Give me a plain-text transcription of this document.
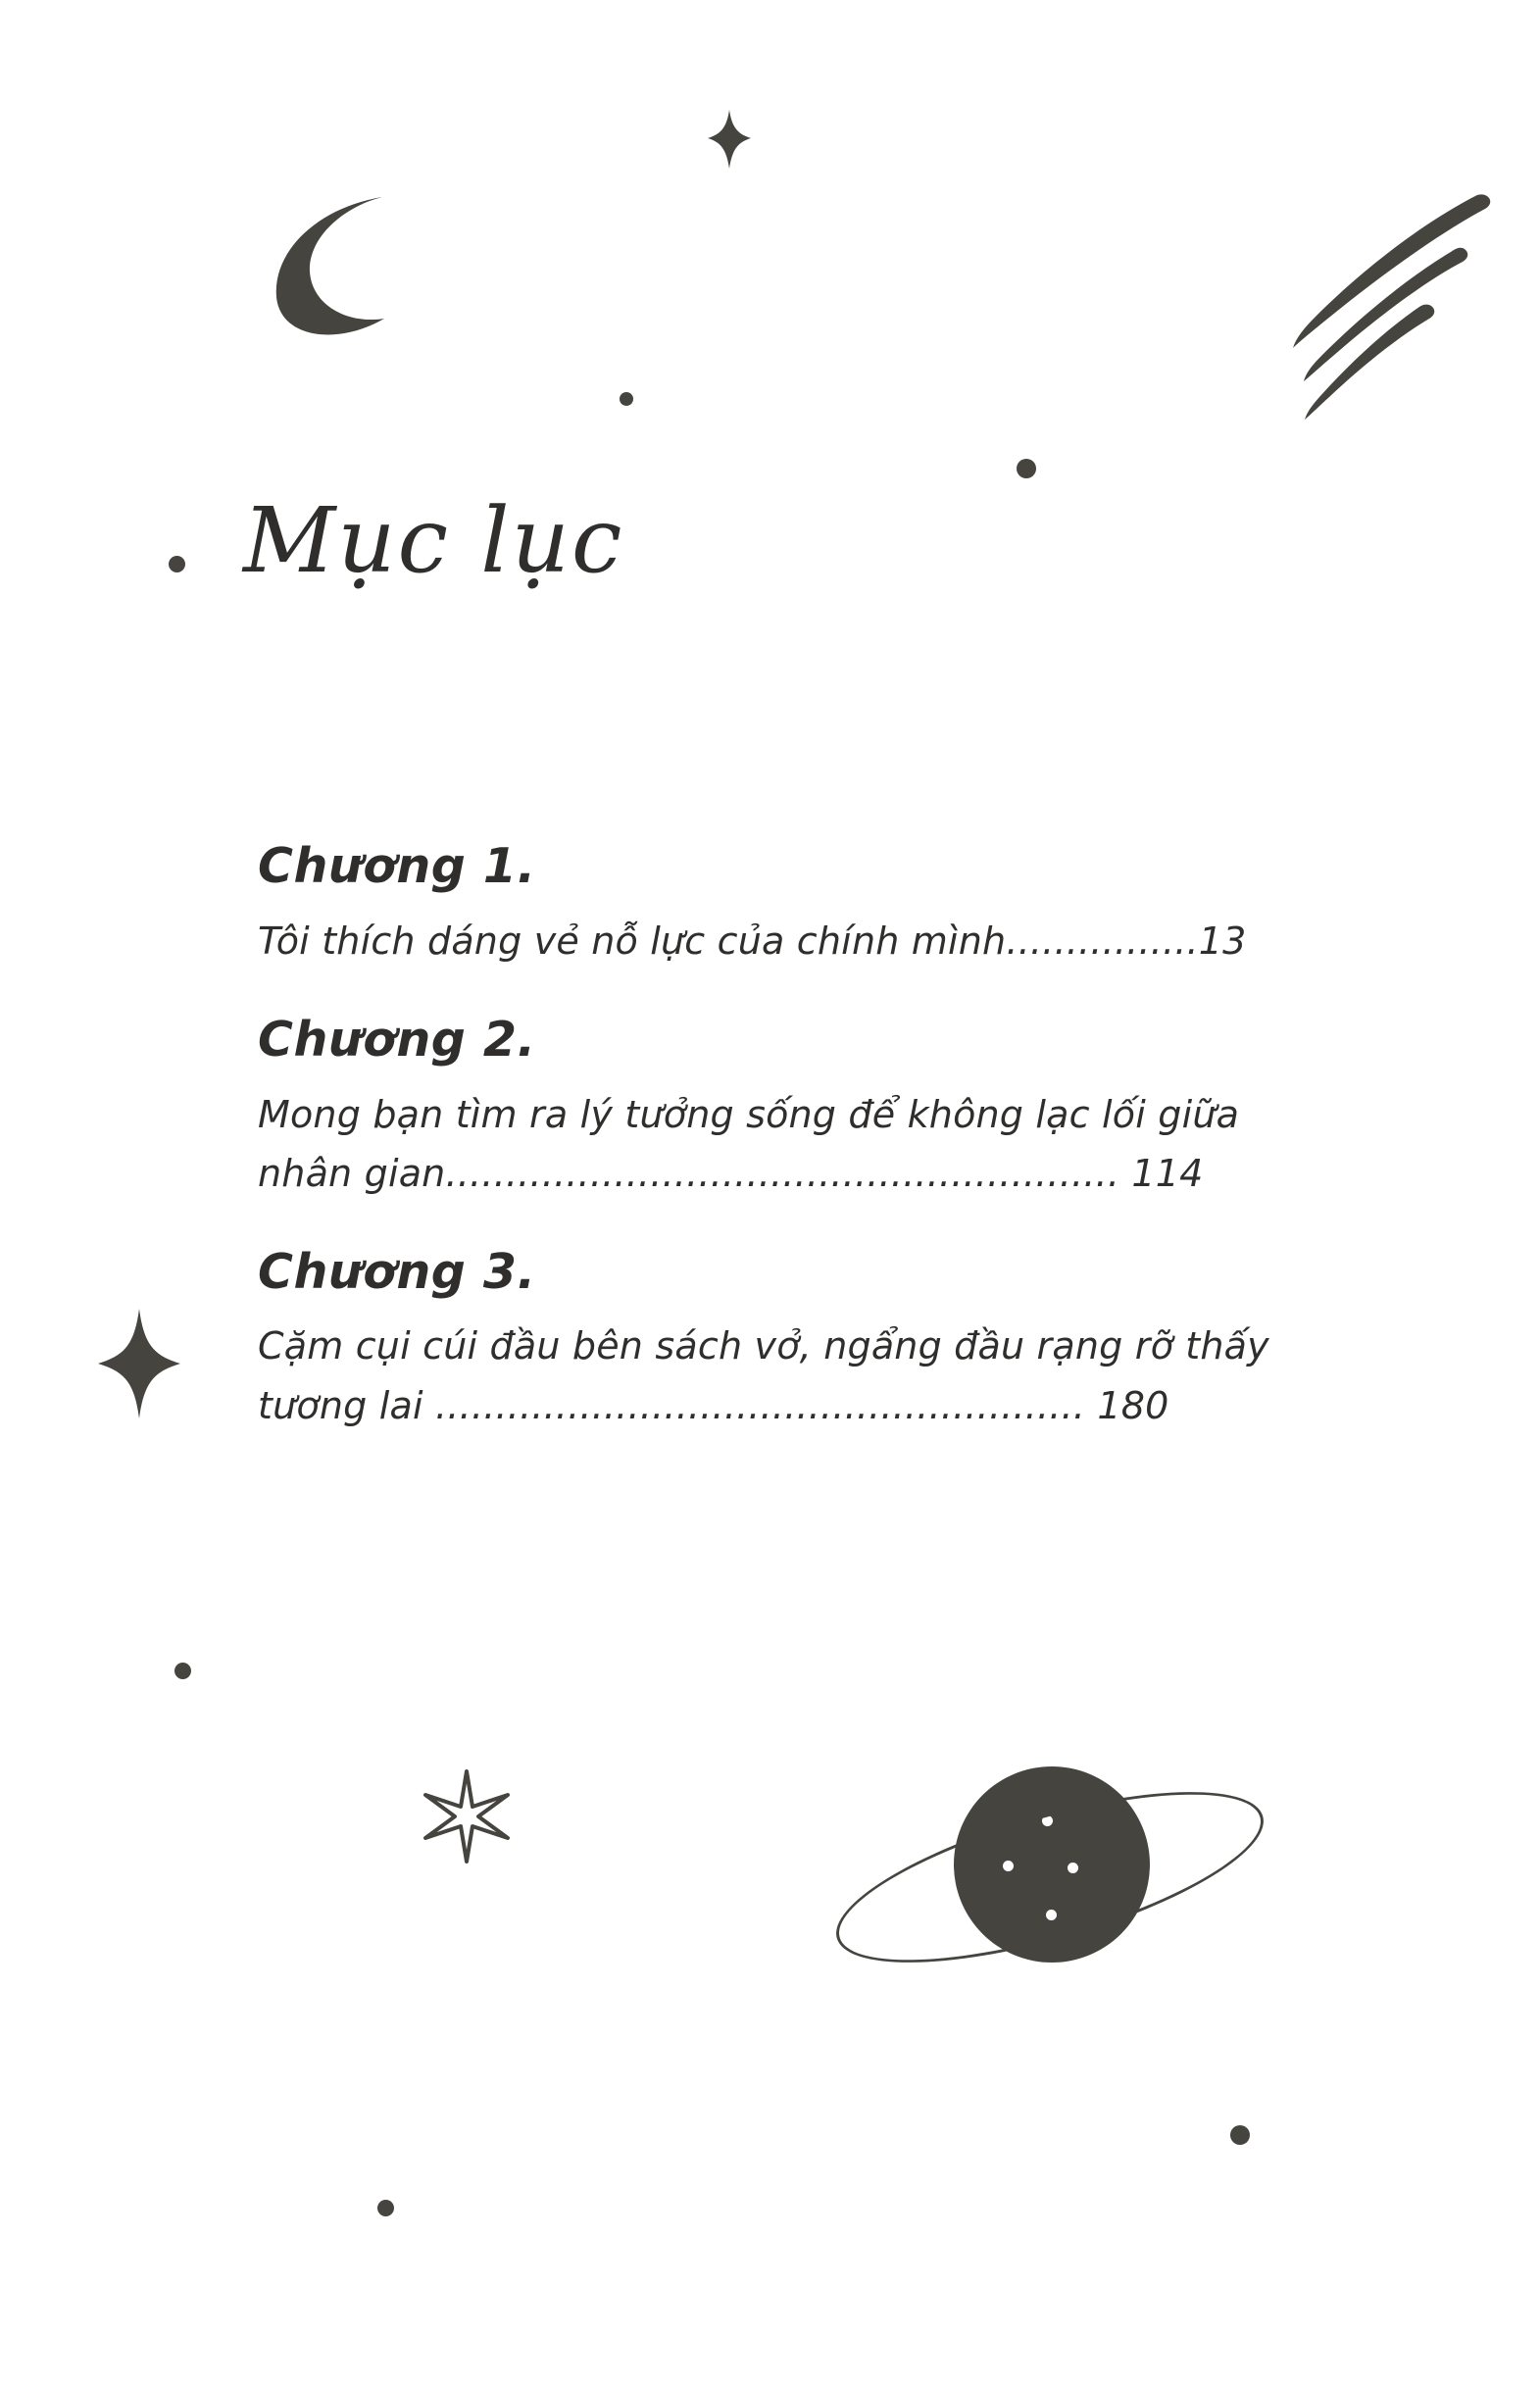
Mục lục

Chương 1.

Tôi thích dáng vẻ nỗ lực của chính mình................13

Chương 2.

Mong bạn tìm ra lý tưởng sống để không lạc lối giữa nhân gian........................................................ 114

Chương 3.

Cặm cụi cúi đầu bên sách vở, ngẩng đầu rạng rỡ thấy tương lai ...................................................... 180
